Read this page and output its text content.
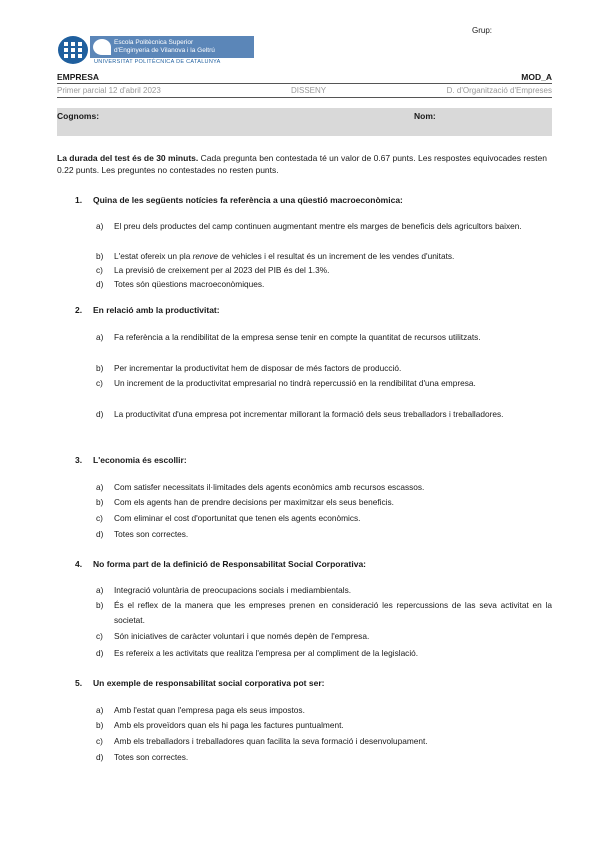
Grup:
Escola Politècnica Superior
d'Enginyeria de Vilanova i la Geltrú
UNIVERSITAT POLITÈCNICA DE CATALUNYA
EMPRESA	MOD_A
Primer parcial 12 d'abril 2023	DISSENY	D. d'Organització d'Empreses
Cognoms:	Nom:
La durada del test és de 30 minuts. Cada pregunta ben contestada té un valor de 0.67 punts. Les respostes equivocades resten 0.22 punts. Les preguntes no contestades no resten punts.
1. Quina de les següents notícies fa referència a una qüestió macroeconòmica:
a) El preu dels productes del camp continuen augmentant mentre els marges de beneficis dels agricultors baixen.
b) L'estat ofereix un pla renove de vehicles i el resultat és un increment de les vendes d'unitats.
c) La previsió de creixement per al 2023 del PIB és del 1.3%.
d) Totes són qüestions macroeconòmiques.
2. En relació amb la productivitat:
a) Fa referència a la rendibilitat de la empresa sense tenir en compte la quantitat de recursos utilitzats.
b) Per incrementar la productivitat hem de disposar de més factors de producció.
c) Un increment de la productivitat empresarial no tindrà repercussió en la rendibilitat d'una empresa.
d) La productivitat d'una empresa pot incrementar millorant la formació dels seus treballadors i treballadores.
3. L'economia és escollir:
a) Com satisfer necessitats il·limitades dels agents econòmics amb recursos escassos.
b) Com els agents han de prendre decisions per maximitzar els seus beneficis.
c) Com eliminar el cost d'oportunitat que tenen els agents econòmics.
d) Totes son correctes.
4. No forma part de la definició de Responsabilitat Social Corporativa:
a) Integració voluntària de preocupacions socials i mediambientals.
b) És el reflex de la manera que les empreses prenen en consideració les repercussions de las seva activitat en la societat.
c) Són iniciatives de caràcter voluntari i que només depèn de l'empresa.
d) Es refereix a les activitats que realitza l'empresa per al compliment de la legislació.
5. Un exemple de responsabilitat social corporativa pot ser:
a) Amb l'estat quan l'empresa paga els seus impostos.
b) Amb els proveïdors quan els hi paga les factures puntualment.
c) Amb els treballadors i treballadores quan facilita la seva formació i desenvolupament.
d) Totes son correctes.
